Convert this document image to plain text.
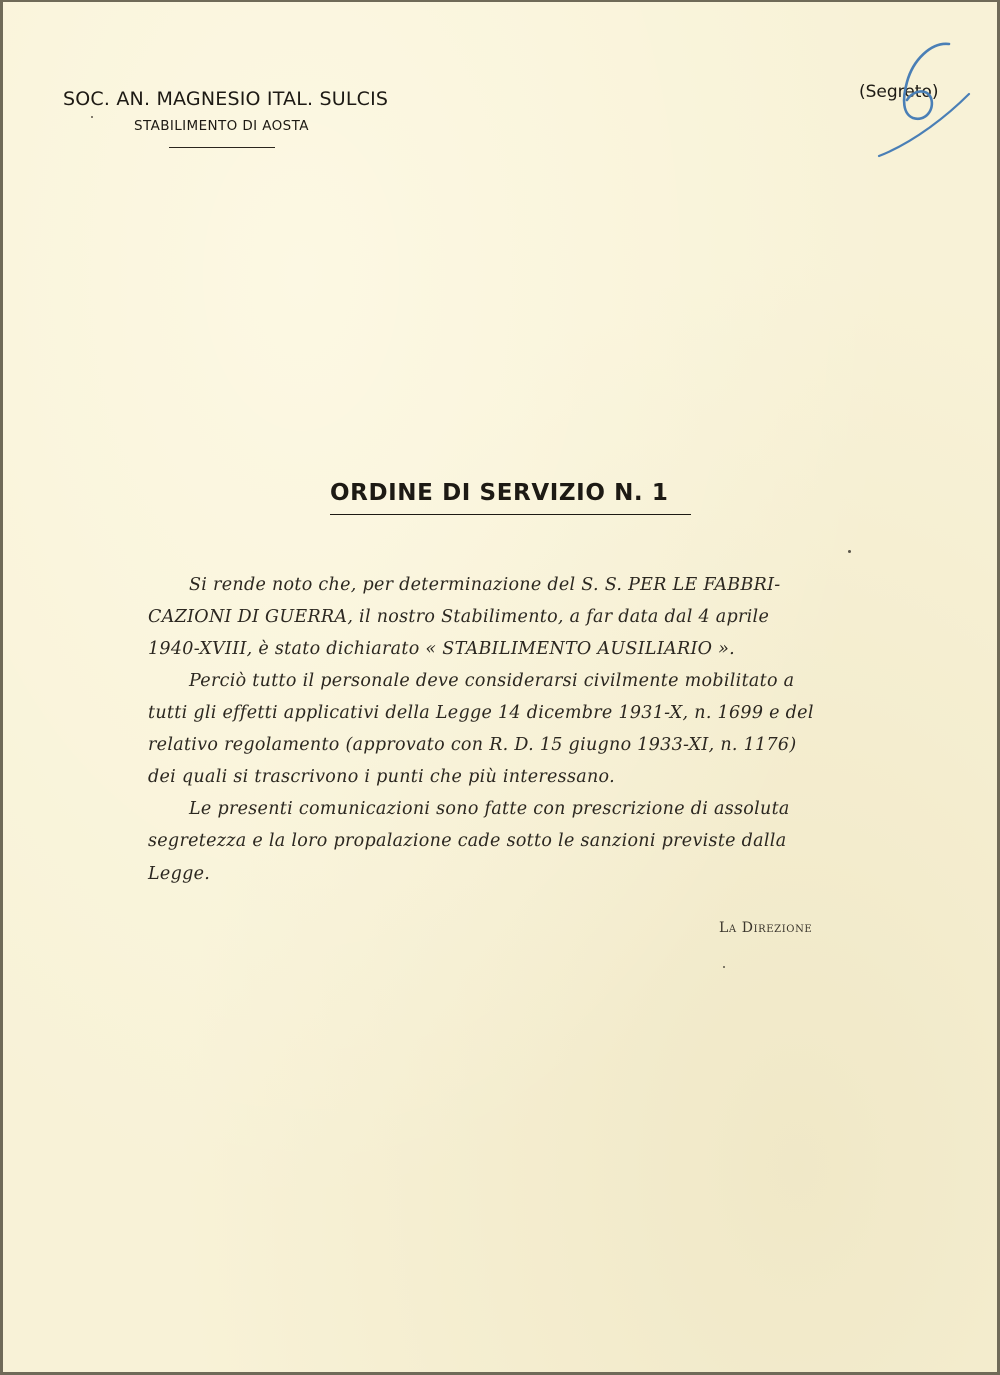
SOC. AN. MAGNESIO ITAL. SULCIS
STABILIMENTO DI AOSTA
(Segreto)
ORDINE DI SERVIZIO N. 1
Si rende noto che, per determinazione del S. S. PER LE FABBRI-
CAZIONI DI GUERRA, il nostro Stabilimento, a far data dal 4 aprile
1940-XVIII, è stato dichiarato « STABILIMENTO AUSILIARIO ».
Perciò tutto il personale deve considerarsi civilmente mobilitato a
tutti gli effetti applicativi della Legge 14 dicembre 1931-X, n. 1699 e del
relativo regolamento (approvato con R. D. 15 giugno 1933-XI, n. 1176)
dei quali si trascrivono i punti che più interessano.
Le presenti comunicazioni sono fatte con prescrizione di assoluta
segretezza e la loro propalazione cade sotto le sanzioni previste dalla
Legge.
La Direzione
